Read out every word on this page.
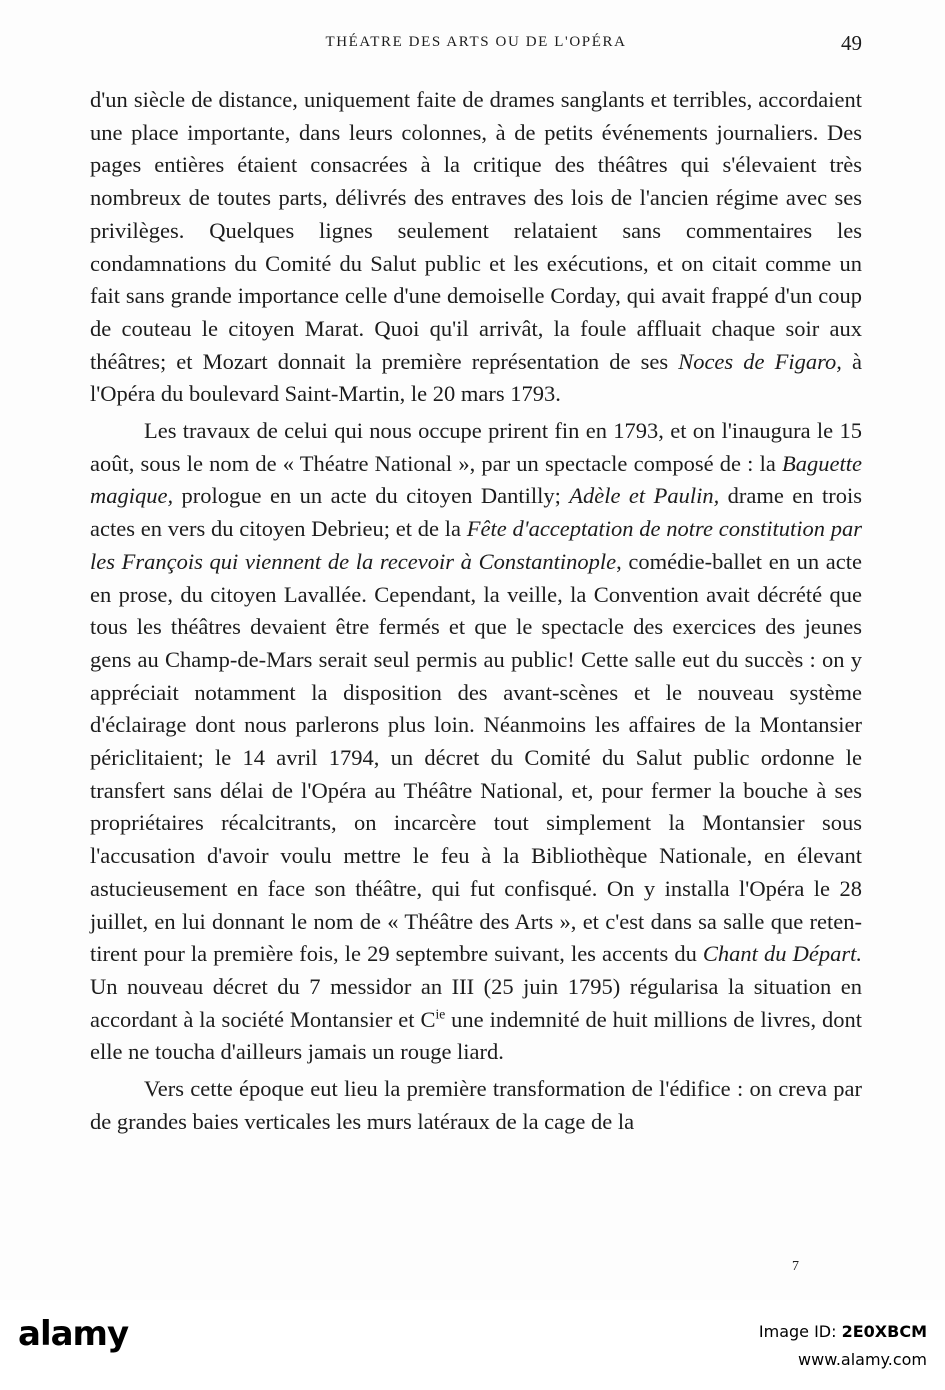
THÉATRE DES ARTS OU DE L'OPÉRA	49

d'un siècle de distance, uniquement faite de drames sanglants et terribles, accordaient une place importante, dans leurs colonnes, à de petits événements journaliers. Des pages entières étaient consacrées à la critique des théâtres qui s'élevaient très nombreux de toutes parts, délivrés des entraves des lois de l'ancien régime avec ses privilèges. Quelques lignes seulement relataient sans commentaires les condamnations du Comité du Salut public et les exécutions, et on citait comme un fait sans grande importance celle d'une demoiselle Corday, qui avait frappé d'un coup de couteau le citoyen Marat. Quoi qu'il arrivât, la foule affluait chaque soir aux théâtres; et Mozart donnait la première représentation de ses Noces de Figaro, à l'Opéra du boulevard Saint-Martin, le 20 mars 1793.

Les travaux de celui qui nous occupe prirent fin en 1793, et on l'inaugura le 15 août, sous le nom de « Théatre National », par un spectacle composé de : la Baguette magique, prologue en un acte du citoyen Dantilly; Adèle et Paulin, drame en trois actes en vers du citoyen Debrieu; et de la Fête d'acceptation de notre constitution par les François qui viennent de la recevoir à Constantinople, comédie-ballet en un acte en prose, du citoyen Lavallée. Cependant, la veille, la Convention avait décrété que tous les théâtres devaient être fermés et que le spectacle des exercices des jeunes gens au Champ-de-Mars serait seul permis au public! Cette salle eut du succès : on y appréciait notamment la disposition des avant-scènes et le nouveau système d'éclairage dont nous parlerons plus loin. Néanmoins les affaires de la Montansier périclitaient; le 14 avril 1794, un décret du Comité du Salut public ordonne le transfert sans délai de l'Opéra au Théâtre National, et, pour fermer la bouche à ses propriétaires récalcitrants, on incarcère tout simplement la Montansier sous l'accusation d'avoir voulu mettre le feu à la Bibliothèque Nationale, en élevant astucieusement en face son théâtre, qui fut confisqué. On y installa l'Opéra le 28 juillet, en lui donnant le nom de « Théâtre des Arts », et c'est dans sa salle que retentirent pour la première fois, le 29 septembre suivant, les accents du Chant du Départ. Un nouveau décret du 7 messidor an III (25 juin 1795) régularisa la situation en accordant à la société Montansier et $C^{ie}$ une indemnité de huit millions de livres, dont elle ne toucha d'ailleurs jamais un rouge liard.

Vers cette époque eut lieu la première transformation de l'édifice : on creva par de grandes baies verticales les murs latéraux de la cage de la

7
alamy	Image ID: 2E0XBCM
www.alamy.com
